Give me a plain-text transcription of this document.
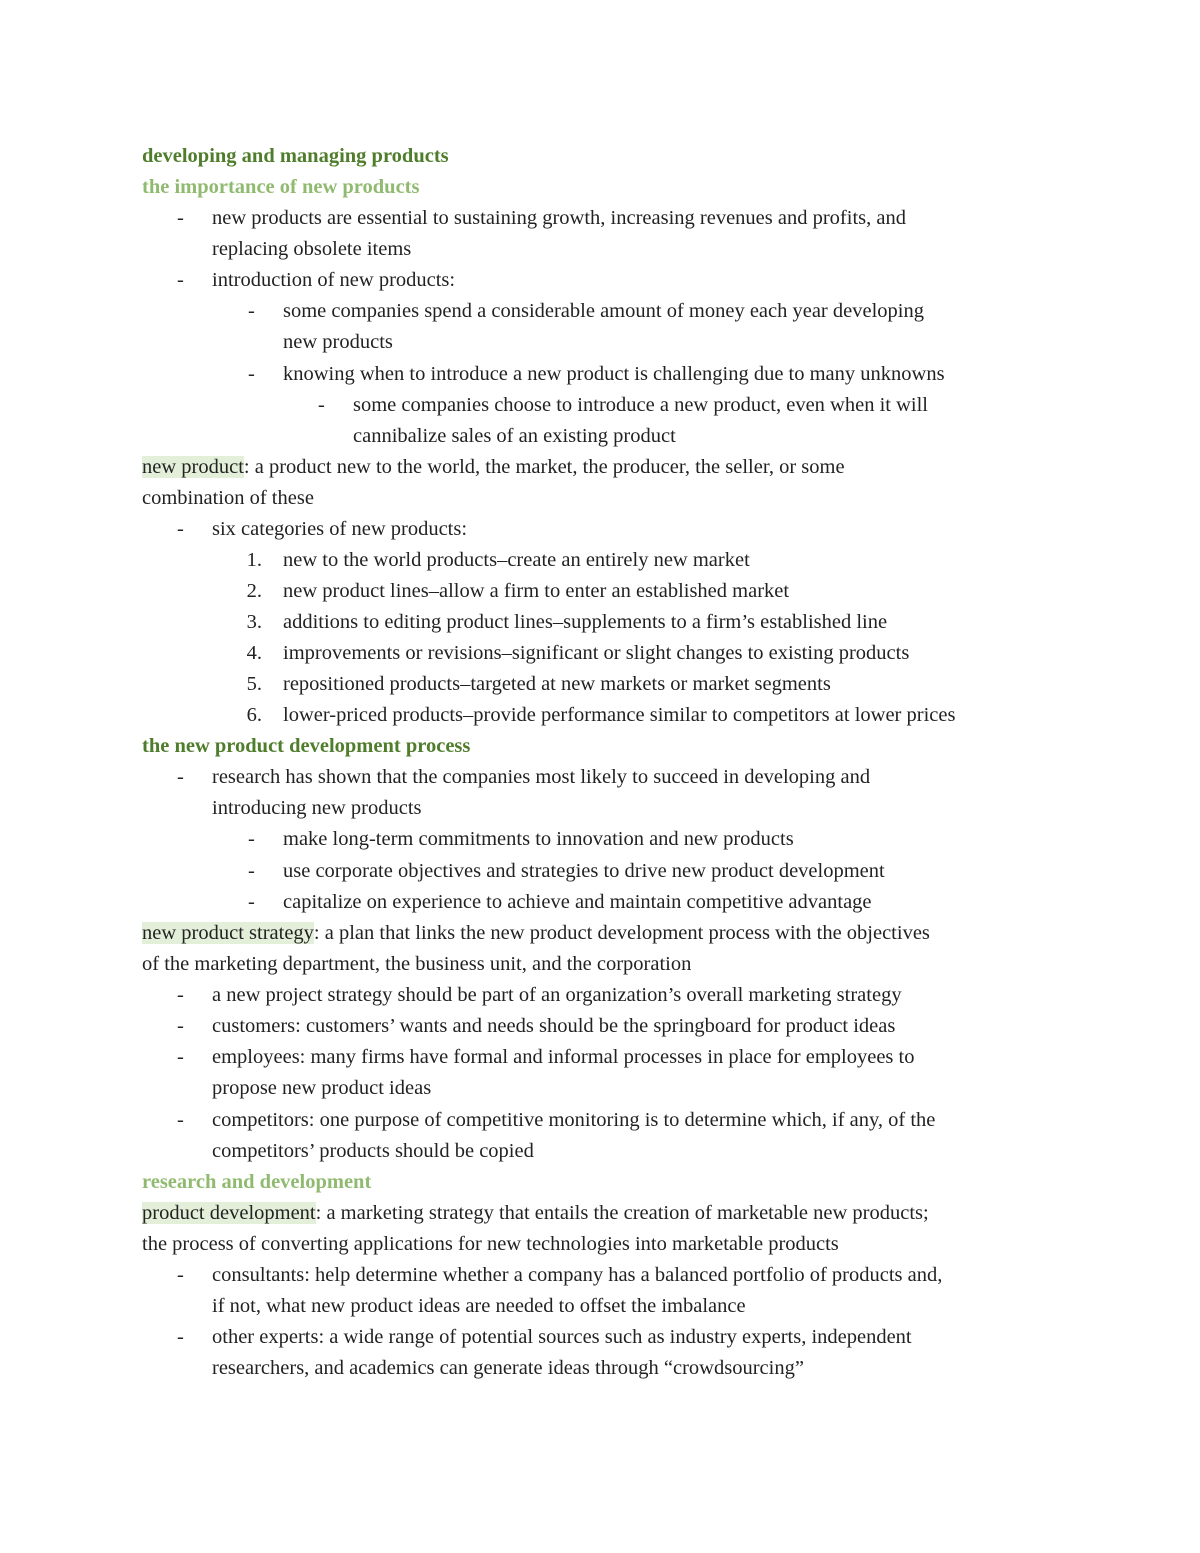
developing and managing products
the importance of new products
- new products are essential to sustaining growth, increasing revenues and profits, and
replacing obsolete items
- introduction of new products:
- some companies spend a considerable amount of money each year developing
new products
- knowing when to introduce a new product is challenging due to many unknowns
- some companies choose to introduce a new product, even when it will
cannibalize sales of an existing product
new product: a product new to the world, the market, the producer, the seller, or some
combination of these
- six categories of new products:
1. new to the world products–create an entirely new market
2. new product lines–allow a firm to enter an established market
3. additions to editing product lines–supplements to a firm’s established line
4. improvements or revisions–significant or slight changes to existing products
5. repositioned products–targeted at new markets or market segments
6. lower-priced products–provide performance similar to competitors at lower prices
the new product development process
- research has shown that the companies most likely to succeed in developing and
introducing new products
- make long-term commitments to innovation and new products
- use corporate objectives and strategies to drive new product development
- capitalize on experience to achieve and maintain competitive advantage
new product strategy: a plan that links the new product development process with the objectives
of the marketing department, the business unit, and the corporation
- a new project strategy should be part of an organization’s overall marketing strategy
- customers: customers’ wants and needs should be the springboard for product ideas
- employees: many firms have formal and informal processes in place for employees to
propose new product ideas
- competitors: one purpose of competitive monitoring is to determine which, if any, of the
competitors’ products should be copied
research and development
product development: a marketing strategy that entails the creation of marketable new products;
the process of converting applications for new technologies into marketable products
- consultants: help determine whether a company has a balanced portfolio of products and,
if not, what new product ideas are needed to offset the imbalance
- other experts: a wide range of potential sources such as industry experts, independent
researchers, and academics can generate ideas through “crowdsourcing”
